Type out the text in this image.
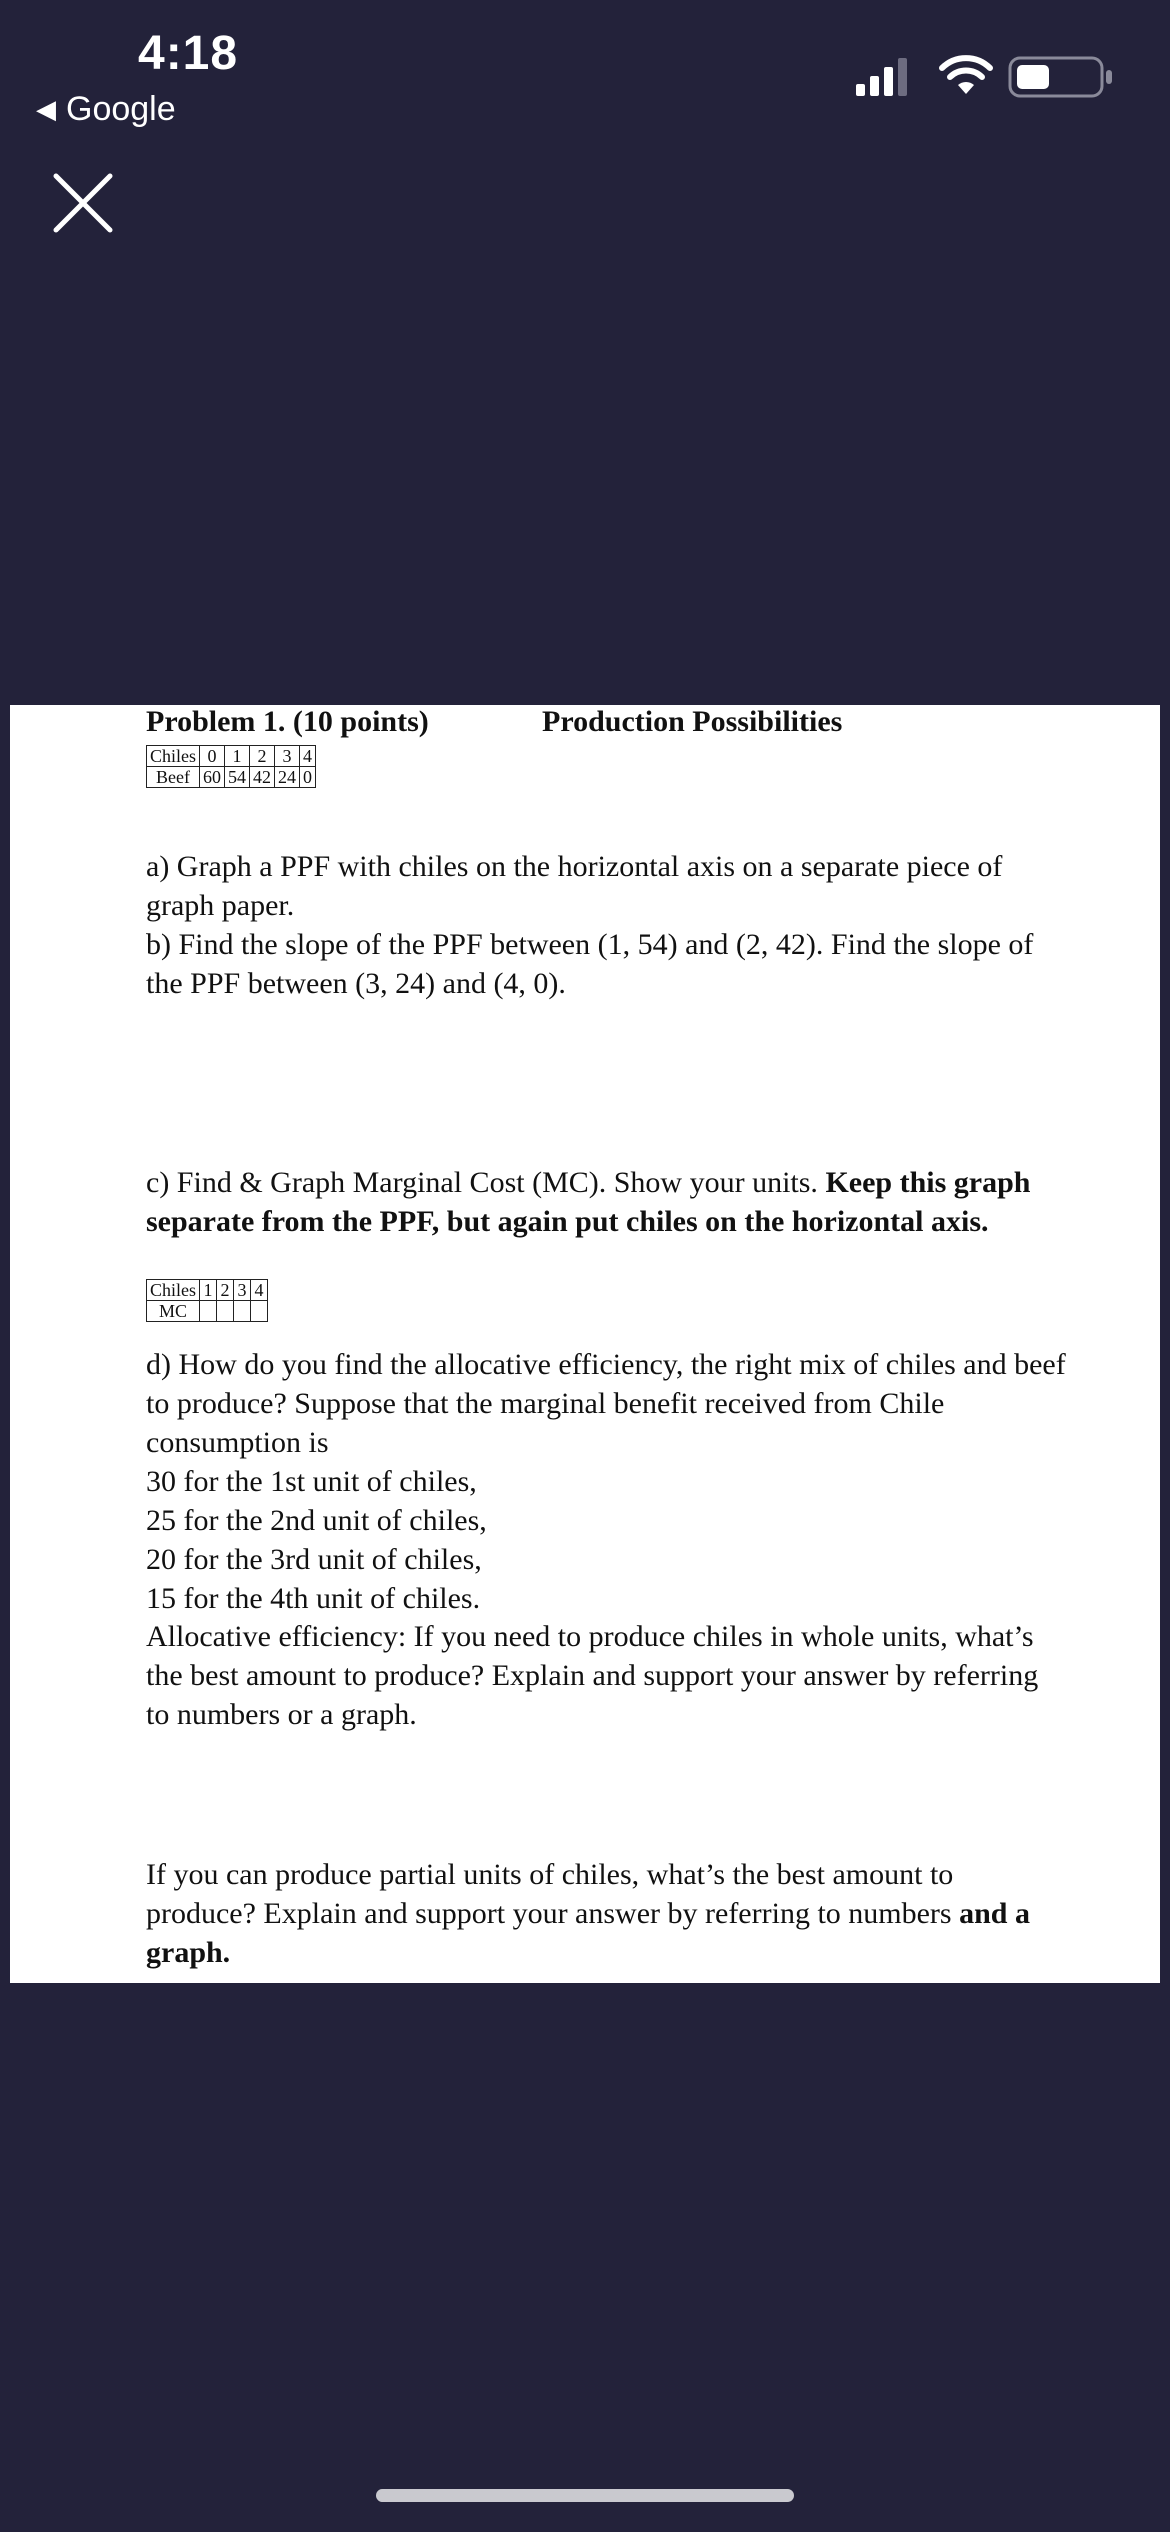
4:18
◀ Google
Problem 1. (10 points)	Production Possibilities
Chiles	0	1	2	3	4
Beef	60	54	42	24	0

a) Graph a PPF with chiles on the horizontal axis on a separate piece of graph paper.

b) Find the slope of the PPF between (1, 54) and (2, 42). Find the slope of the PPF between (3, 24) and (4, 0).

c) Find & Graph Marginal Cost (MC). Show your units. Keep this graph separate from the PPF, but again put chiles on the horizontal axis.

Chiles	1	2	3	4
MC				

d) How do you find the allocative efficiency, the right mix of chiles and beef to produce? Suppose that the marginal benefit received from Chile consumption is

30 for the 1st unit of chiles,

25 for the 2nd unit of chiles,

20 for the 3rd unit of chiles,

15 for the 4th unit of chiles.

Allocative efficiency: If you need to produce chiles in whole units, what’s the best amount to produce? Explain and support your answer by referring to numbers or a graph.

If you can produce partial units of chiles, what’s the best amount to produce? Explain and support your answer by referring to numbers and a graph.
